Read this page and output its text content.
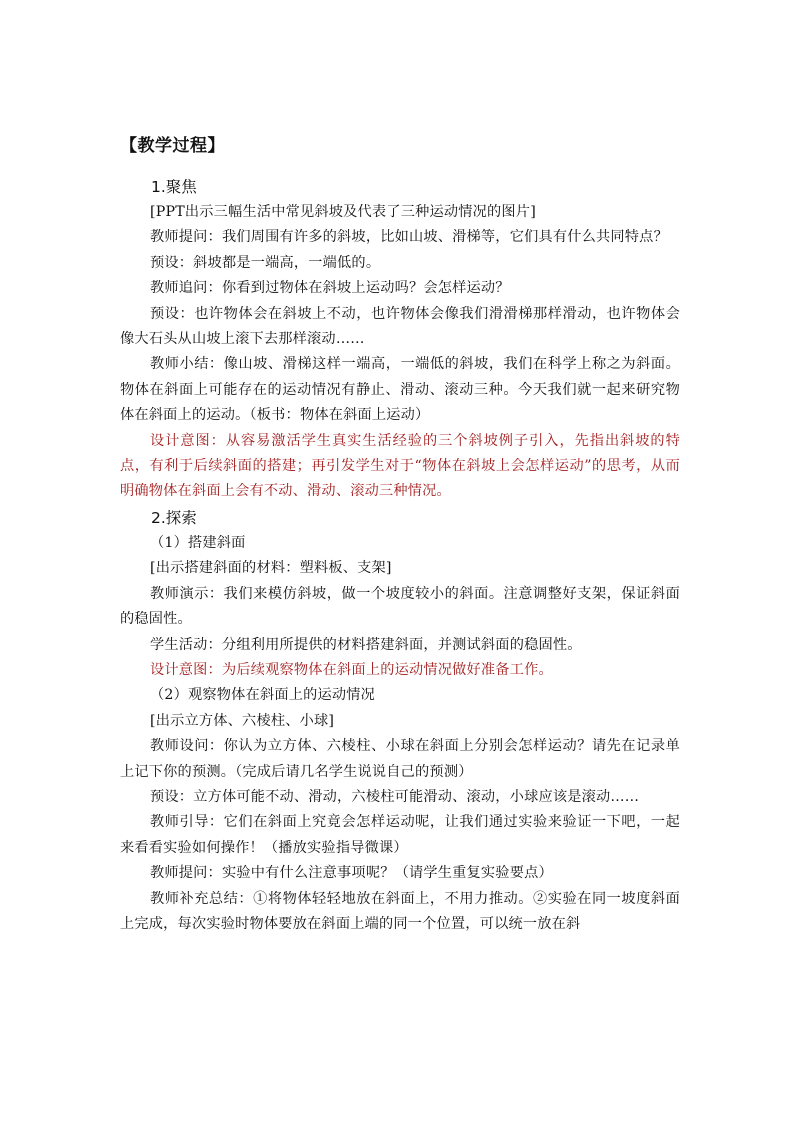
【教学过程】
1.聚焦

[PPT出示三幅生活中常见斜坡及代表了三种运动情况的图片]

教师提问：我们周围有许多的斜坡，比如山坡、滑梯等，它们具有什么共同特点？

预设：斜坡都是一端高，一端低的。

教师追问：你看到过物体在斜坡上运动吗？会怎样运动？

预设：也许物体会在斜坡上不动，也许物体会像我们滑滑梯那样滑动，也许物体会像大石头从山坡上滚下去那样滚动……

教师小结：像山坡、滑梯这样一端高，一端低的斜坡，我们在科学上称之为斜面。物体在斜面上可能存在的运动情况有静止、滑动、滚动三种。今天我们就一起来研究物体在斜面上的运动。（板书：物体在斜面上运动）

设计意图：从容易激活学生真实生活经验的三个斜坡例子引入，先指出斜坡的特点，有利于后续斜面的搭建；再引发学生对于“物体在斜坡上会怎样运动”的思考，从而明确物体在斜面上会有不动、滑动、滚动三种情况。

2.探索

（1）搭建斜面

[出示搭建斜面的材料：塑料板、支架]

教师演示：我们来模仿斜坡，做一个坡度较小的斜面。注意调整好支架，保证斜面的稳固性。

学生活动：分组利用所提供的材料搭建斜面，并测试斜面的稳固性。

设计意图：为后续观察物体在斜面上的运动情况做好准备工作。

（2）观察物体在斜面上的运动情况

[出示立方体、六棱柱、小球]

教师设问：你认为立方体、六棱柱、小球在斜面上分别会怎样运动？请先在记录单上记下你的预测。（完成后请几名学生说说自己的预测）

预设：立方体可能不动、滑动，六棱柱可能滑动、滚动，小球应该是滚动……

教师引导：它们在斜面上究竟会怎样运动呢，让我们通过实验来验证一下吧，一起来看看实验如何操作！（播放实验指导微课）

教师提问：实验中有什么注意事项呢？（请学生重复实验要点）

教师补充总结：①将物体轻轻地放在斜面上，不用力推动。②实验在同一坡度斜面上完成，每次实验时物体要放在斜面上端的同一个位置，可以统一放在斜
